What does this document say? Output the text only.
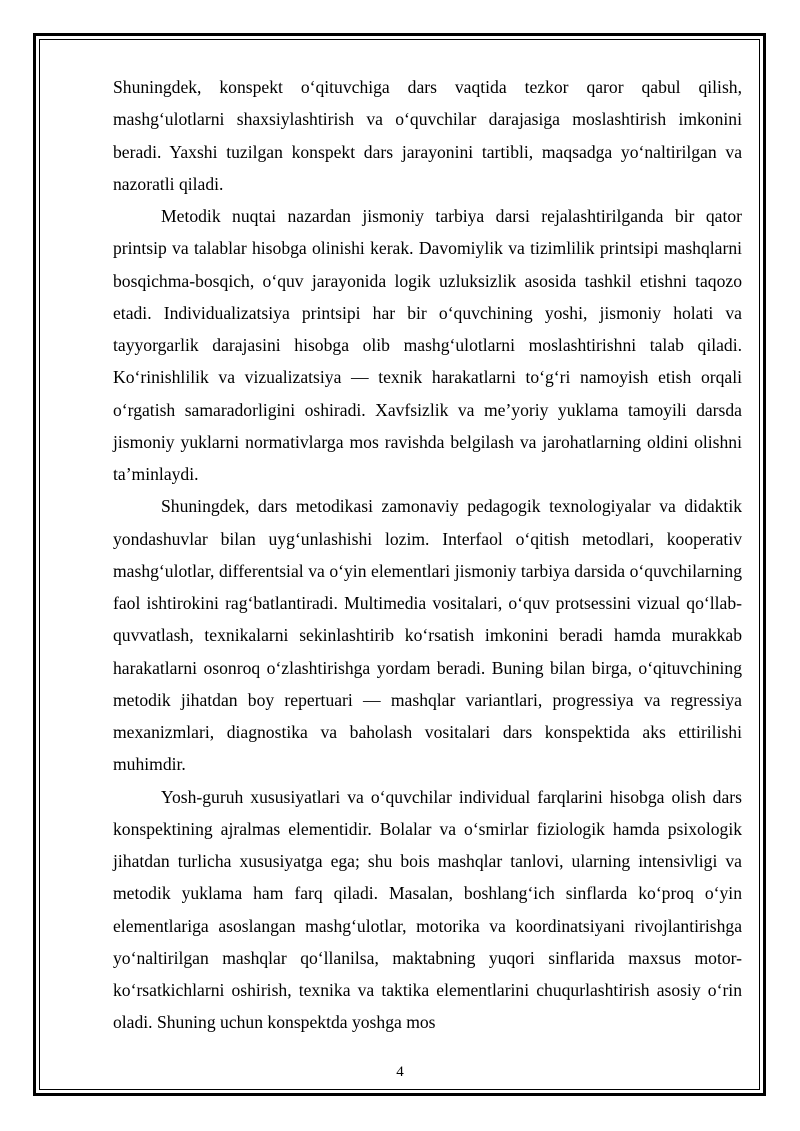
Shuningdek, konspekt o‘qituvchiga dars vaqtida tezkor qaror qabul qilish, mashg‘ulotlarni shaxsiylashtirish va o‘quvchilar darajasiga moslashtirish imkonini beradi. Yaxshi tuzilgan konspekt dars jarayonini tartibli, maqsadga yo‘naltirilgan va nazoratli qiladi.

Metodik nuqtai nazardan jismoniy tarbiya darsi rejalashtirilganda bir qator printsip va talablar hisobga olinishi kerak. Davomiylik va tizimlilik printsipi mashqlarni bosqichma-bosqich, o‘quv jarayonida logik uzluksizlik asosida tashkil etishni taqozo etadi. Individualizatsiya printsipi har bir o‘quvchining yoshi, jismoniy holati va tayyorgarlik darajasini hisobga olib mashg‘ulotlarni moslashtirishni talab qiladi. Ko‘rinishlilik va vizualizatsiya — texnik harakatlarni to‘g‘ri namoyish etish orqali o‘rgatish samaradorligini oshiradi. Xavfsizlik va me’yoriy yuklama tamoyili darsda jismoniy yuklarni normativlarga mos ravishda belgilash va jarohatlarning oldini olishni ta’minlaydi.

Shuningdek, dars metodikasi zamonaviy pedagogik texnologiyalar va didaktik yondashuvlar bilan uyg‘unlashishi lozim. Interfaol o‘qitish metodlari, kooperativ mashg‘ulotlar, differentsial va o‘yin elementlari jismoniy tarbiya darsida o‘quvchilarning faol ishtirokini rag‘batlantiradi. Multimedia vositalari, o‘quv protsessini vizual qo‘llab-quvvatlash, texnikalarni sekinlashtirib ko‘rsatish imkonini beradi hamda murakkab harakatlarni osonroq o‘zlashtirishga yordam beradi. Buning bilan birga, o‘qituvchining metodik jihatdan boy repertuari — mashqlar variantlari, progressiya va regressiya mexanizmlari, diagnostika va baholash vositalari dars konspektida aks ettirilishi muhimdir.

Yosh-guruh xususiyatlari va o‘quvchilar individual farqlarini hisobga olish dars konspektining ajralmas elementidir. Bolalar va o‘smirlar fiziologik hamda psixologik jihatdan turlicha xususiyatga ega; shu bois mashqlar tanlovi, ularning intensivligi va metodik yuklama ham farq qiladi. Masalan, boshlang‘ich sinflarda ko‘proq o‘yin elementlariga asoslangan mashg‘ulotlar, motorika va koordinatsiyani rivojlantirishga yo‘naltirilgan mashqlar qo‘llanilsa, maktabning yuqori sinflarida maxsus motor-ko‘rsatkichlarni oshirish, texnika va taktika elementlarini chuqurlashtirish asosiy o‘rin oladi. Shuning uchun konspektda yoshga mos

4
